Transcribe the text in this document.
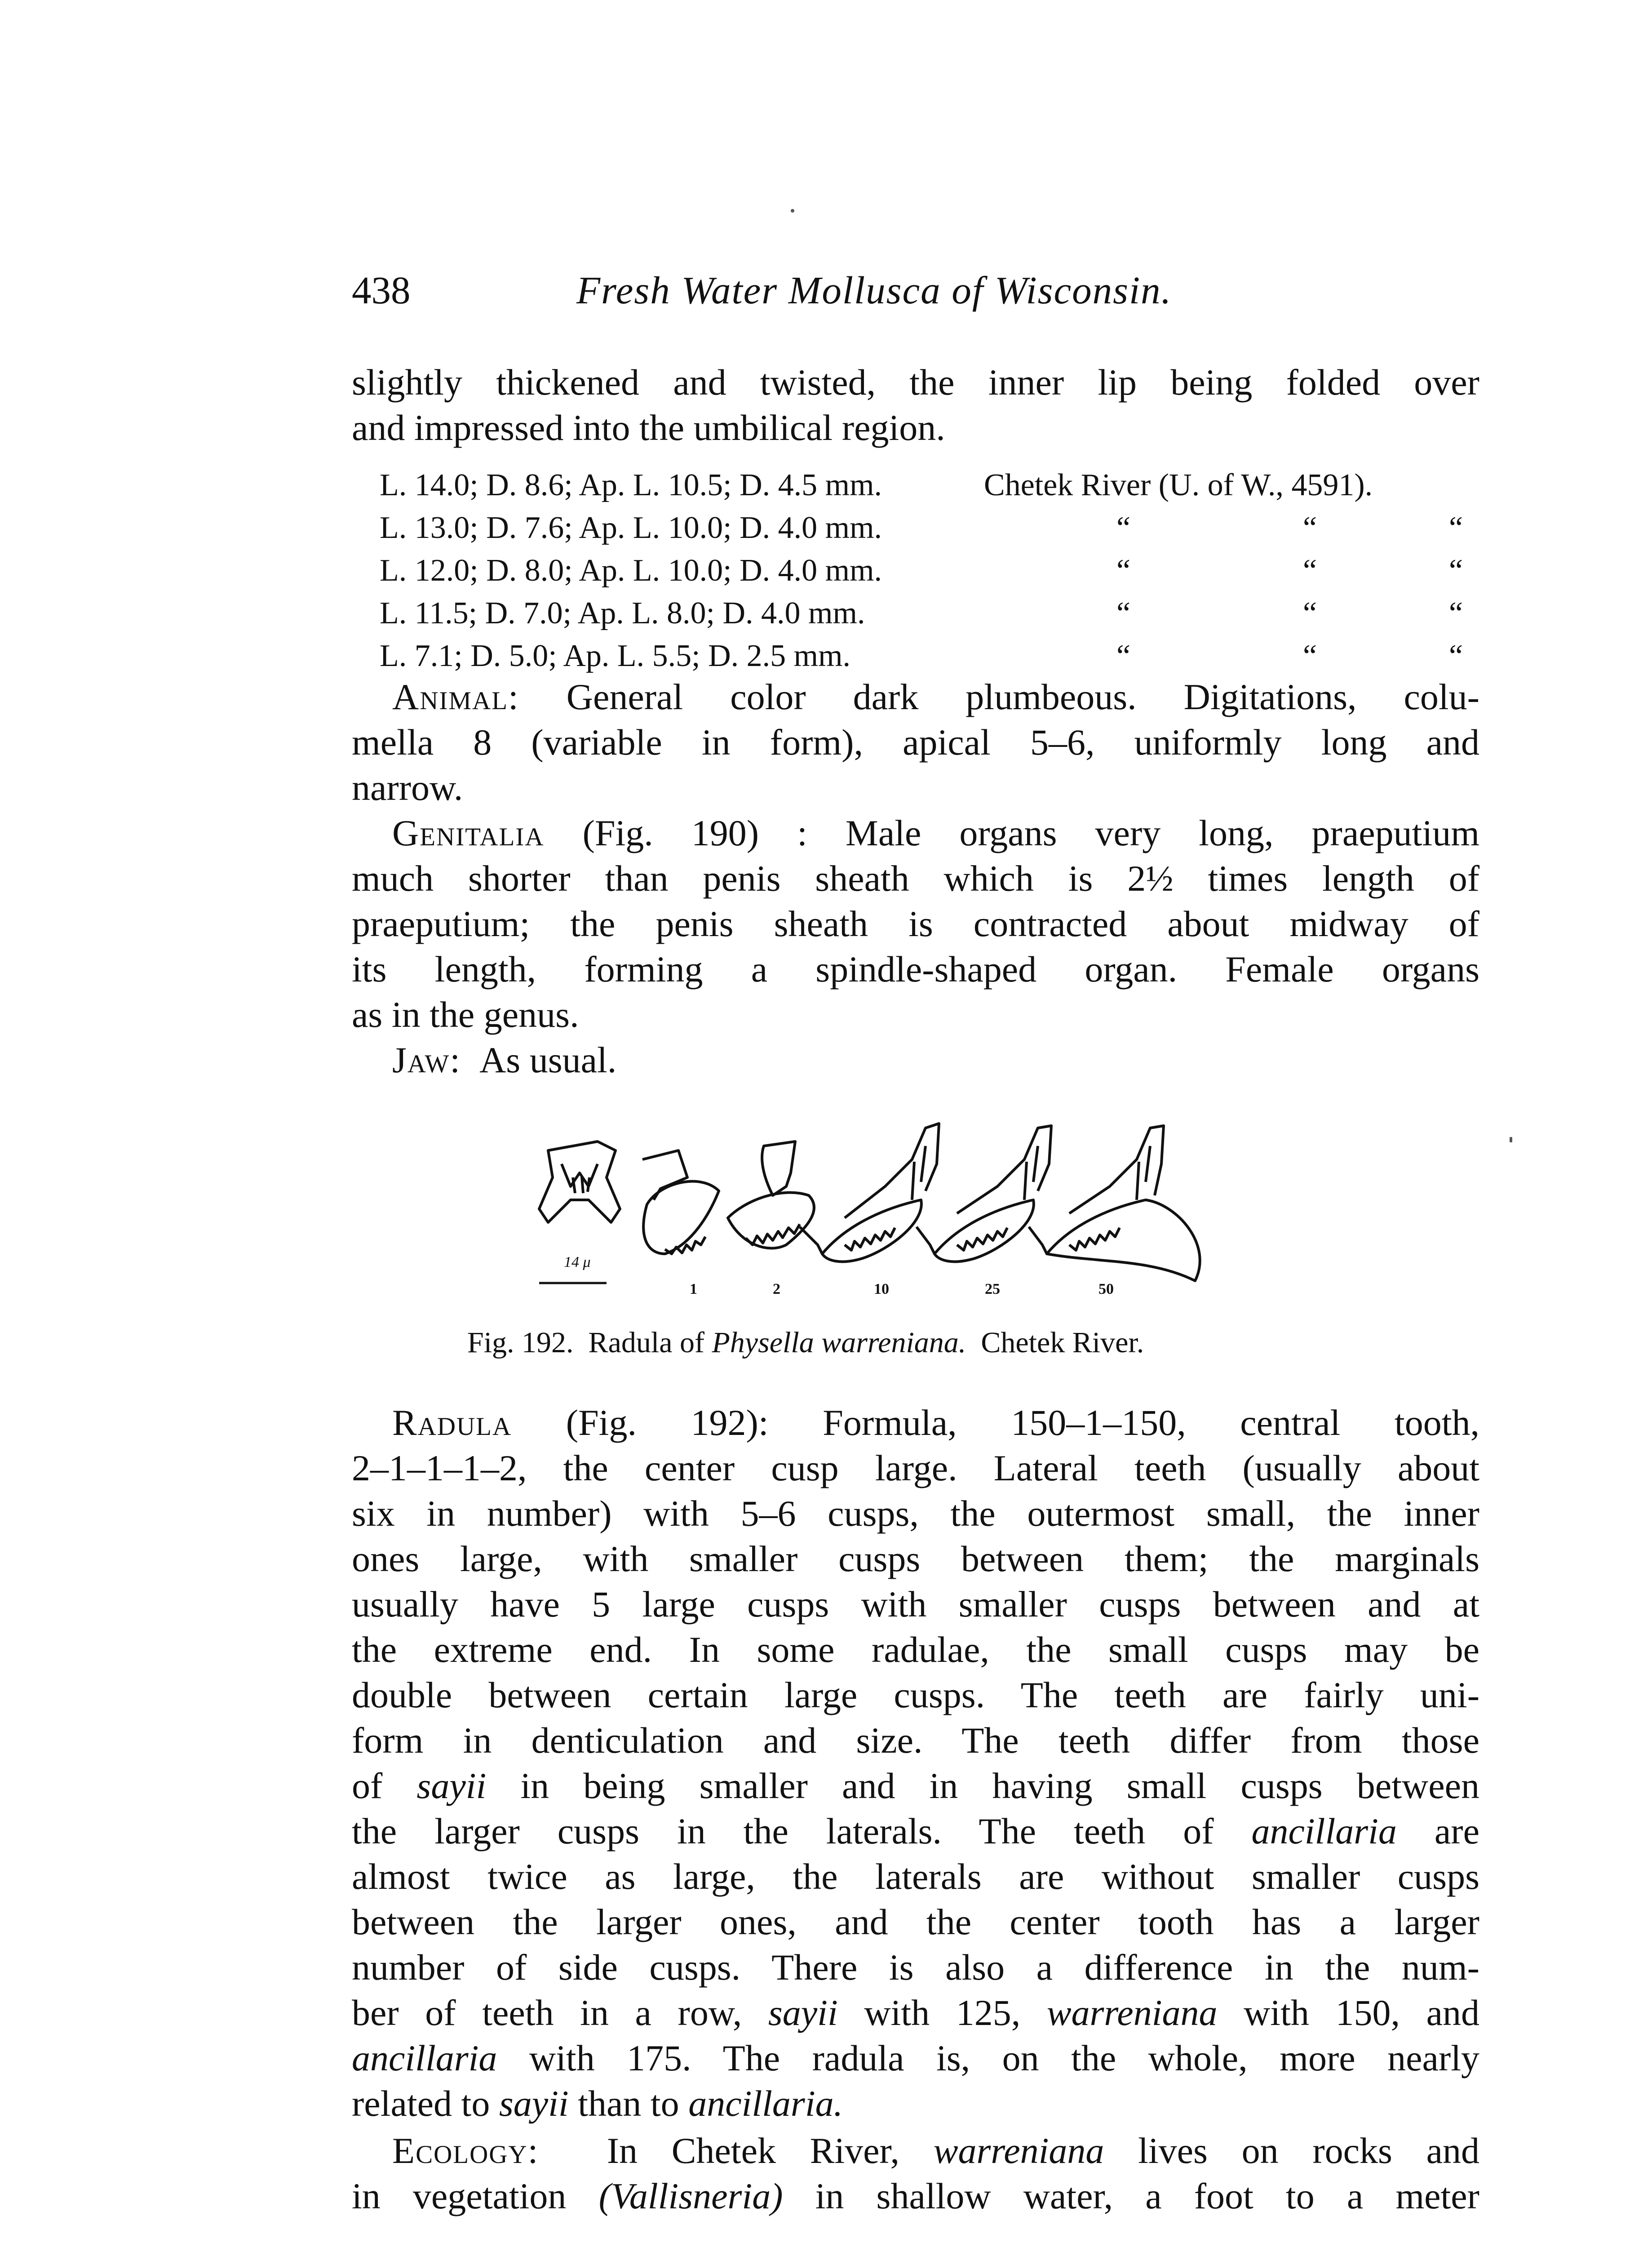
438	Fresh Water Mollusca of Wisconsin.
slightly thickened and twisted, the inner lip being folded over
and impressed into the umbilical region.
L. 14.0; D. 8.6; Ap. L. 10.5; D. 4.5 mm.	Chetek River (U. of W., 4591).
L. 13.0; D. 7.6; Ap. L. 10.0; D. 4.0 mm.	“	“	“
L. 12.0; D. 8.0; Ap. L. 10.0; D. 4.0 mm.	“	“	“
L. 11.5; D. 7.0; Ap. L. 8.0; D. 4.0 mm.	“	“	“
L. 7.1; D. 5.0; Ap. L. 5.5; D. 2.5 mm.	“	“	“
Animal: General color dark plumbeous. Digitations, colu-
mella 8 (variable in form), apical 5–6, uniformly long and
narrow.
Genitalia (Fig. 190) : Male organs very long, praeputium
much shorter than penis sheath which is 2½ times length of
praeputium; the penis sheath is contracted about midway of
its length, forming a spindle-shaped organ. Female organs
as in the genus.
Jaw: As usual.
14 μ
1	2	10	25	50
Fig. 192.  Radula of Physella warreniana.  Chetek River.
Radula (Fig. 192): Formula, 150–1–150, central tooth,
2–1–1–1–2, the center cusp large. Lateral teeth (usually about
six in number) with 5–6 cusps, the outermost small, the inner
ones large, with smaller cusps between them; the marginals
usually have 5 large cusps with smaller cusps between and at
the extreme end. In some radulae, the small cusps may be
double between certain large cusps. The teeth are fairly uni-
form in denticulation and size. The teeth differ from those
of sayii in being smaller and in having small cusps between
the larger cusps in the laterals. The teeth of ancillaria are
almost twice as large, the laterals are without smaller cusps
between the larger ones, and the center tooth has a larger
number of side cusps. There is also a difference in the num-
ber of teeth in a row, sayii with 125, warreniana with 150, and
ancillaria with 175. The radula is, on the whole, more nearly
related to sayii than to ancillaria.
Ecology: In Chetek River, warreniana lives on rocks and
in vegetation (Vallisneria) in shallow water, a foot to a meter
